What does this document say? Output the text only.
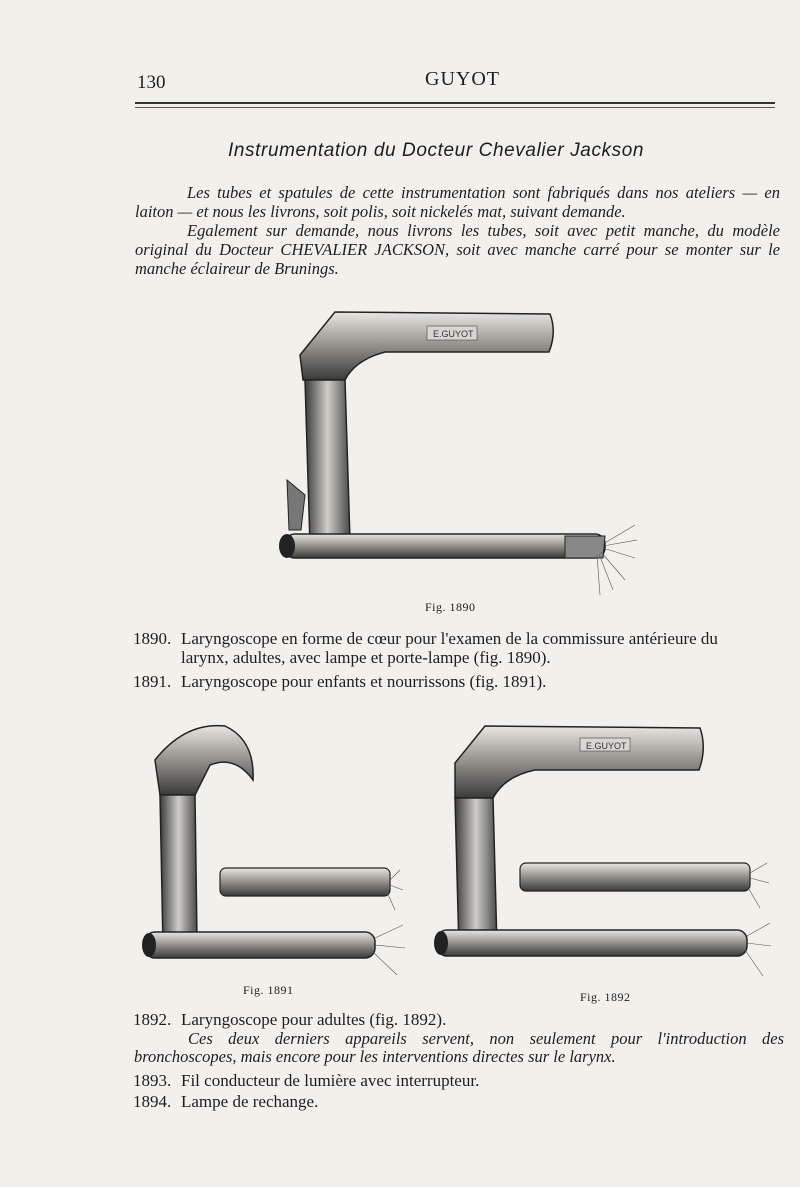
130	GUYOT
Instrumentation du Docteur Chevalier Jackson

Les tubes et spatules de cette instrumentation sont fabriqués dans nos ateliers — en laiton — et nous les livrons, soit polis, soit nickelés mat, suivant demande.

Egalement sur demande, nous livrons les tubes, soit avec petit manche, du modèle original du Docteur CHEVALIER JACKSON, soit avec manche carré pour se monter sur le manche éclaireur de Brunings.

E.GUYOT
Fig. 1890
1890. Laryngoscope en forme de cœur pour l'examen de la commissure antérieure du
larynx, adultes, avec lampe et porte-lampe (fig. 1890).
1891. Laryngoscope pour enfants et nourrissons (fig. 1891).
Fig. 1891
E.GUYOT
Fig. 1892
1892. Laryngoscope pour adultes (fig. 1892).

Ces deux derniers appareils servent, non seulement pour l'introduction des bronchoscopes, mais encore pour les interventions directes sur le larynx.

1893. Fil conducteur de lumière avec interrupteur.
1894. Lampe de rechange.
